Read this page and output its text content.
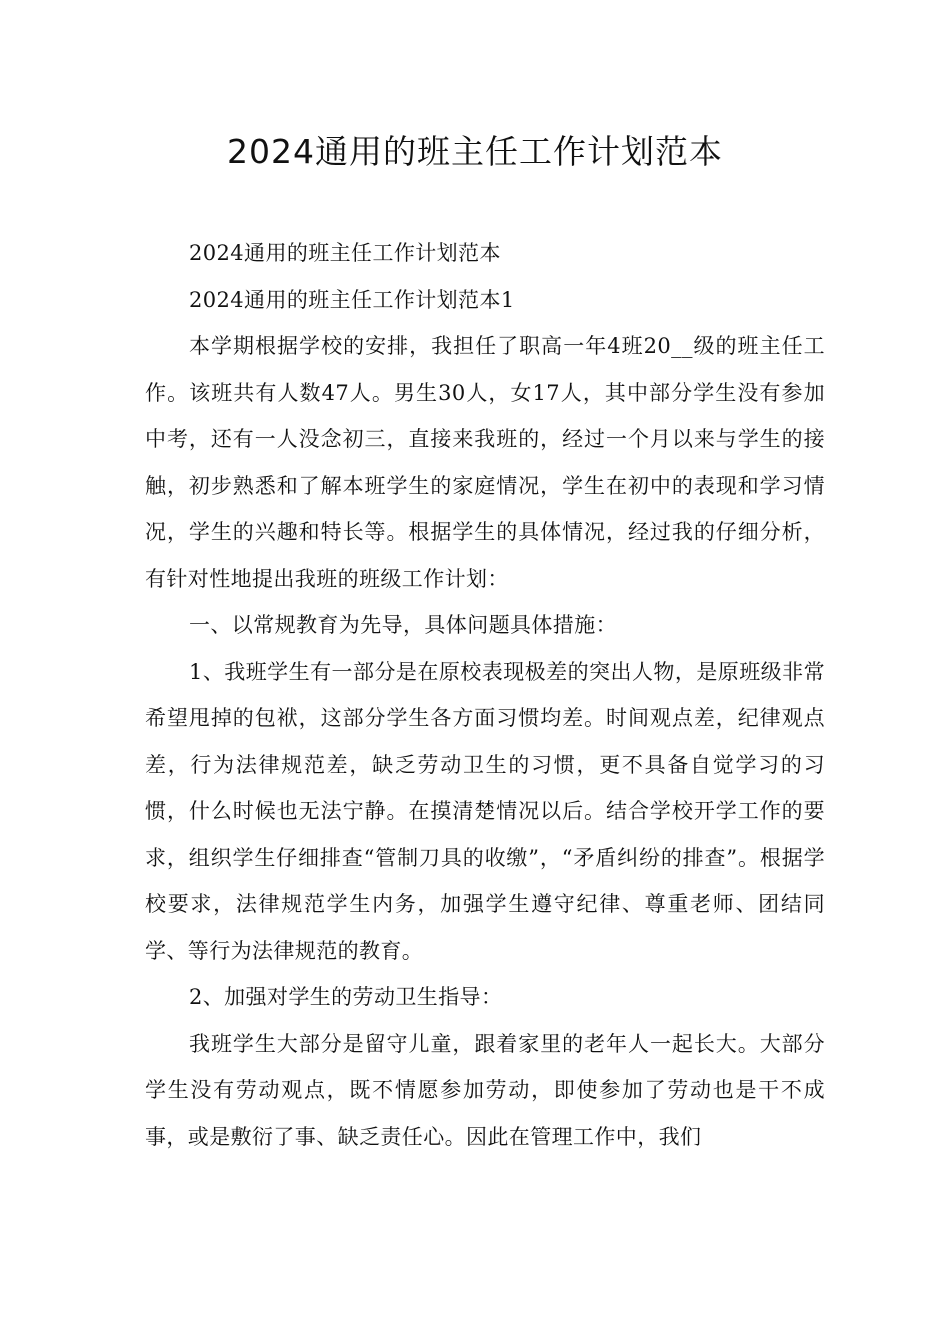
2024通用的班主任工作计划范本

2024通用的班主任工作计划范本

2024通用的班主任工作计划范本1

本学期根据学校的安排，我担任了职高一年4班20__级的班主任工作。该班共有人数47人。男生30人，女17人，其中部分学生没有参加中考，还有一人没念初三，直接来我班的，经过一个月以来与学生的接触，初步熟悉和了解本班学生的家庭情况，学生在初中的表现和学习情况，学生的兴趣和特长等。根据学生的具体情况，经过我的仔细分析，有针对性地提出我班的班级工作计划：

一、以常规教育为先导，具体问题具体措施：

1、我班学生有一部分是在原校表现极差的突出人物，是原班级非常希望甩掉的包袱，这部分学生各方面习惯均差。时间观点差，纪律观点差，行为法律规范差，缺乏劳动卫生的习惯，更不具备自觉学习的习惯，什么时候也无法宁静。在摸清楚情况以后。结合学校开学工作的要求，组织学生仔细排查“管制刀具的收缴”，“矛盾纠纷的排查”。根据学校要求，法律规范学生内务，加强学生遵守纪律、尊重老师、团结同学、等行为法律规范的教育。

2、加强对学生的劳动卫生指导：

我班学生大部分是留守儿童，跟着家里的老年人一起长大。大部分学生没有劳动观点，既不情愿参加劳动，即使参加了劳动也是干不成事，或是敷衍了事、缺乏责任心。因此在管理工作中，我们
